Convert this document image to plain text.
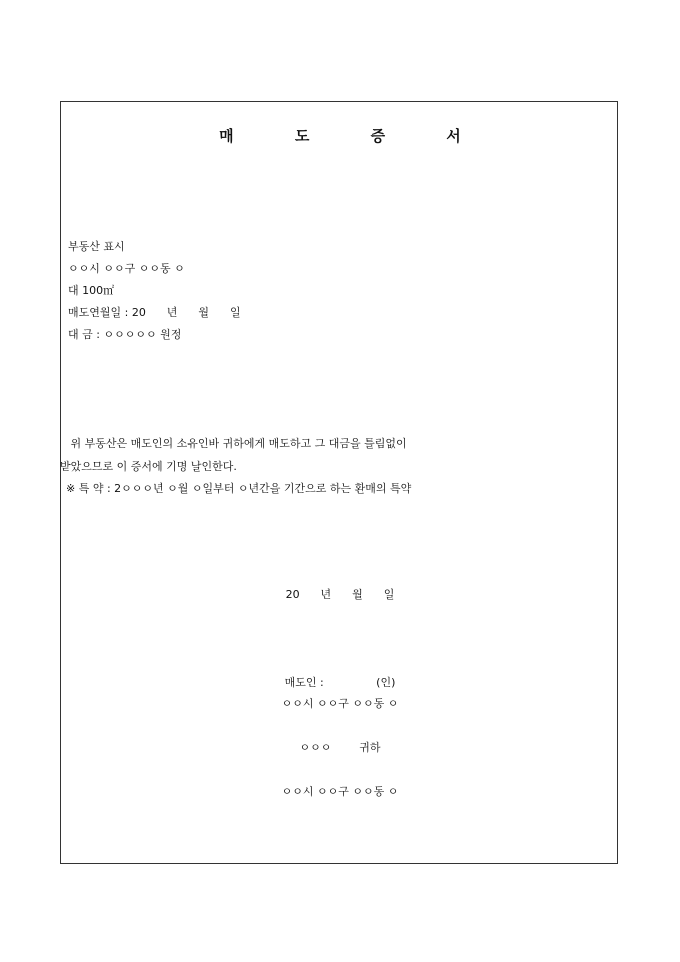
매 도 증 서
부동산 표시
ㅇㅇ시 ㅇㅇ구 ㅇㅇ동 ㅇ
대 100㎡
매도연월일 : 20      년      월      일
대 금 : ㅇㅇㅇㅇㅇ 원정
위 부동산은 매도인의 소유인바 귀하에게 매도하고 그 대금을 틀림없이
받았으므로 이 증서에 기명 날인한다.
※ 특 약 : 2ㅇㅇㅇ년 ㅇ월 ㅇ일부터 ㅇ년간을 기간으로 하는 환매의 특약
20      년      월      일
매도인 :               (인)
ㅇㅇ시 ㅇㅇ구 ㅇㅇ동 ㅇ
ㅇㅇㅇ        귀하
ㅇㅇ시 ㅇㅇ구 ㅇㅇ동 ㅇ
